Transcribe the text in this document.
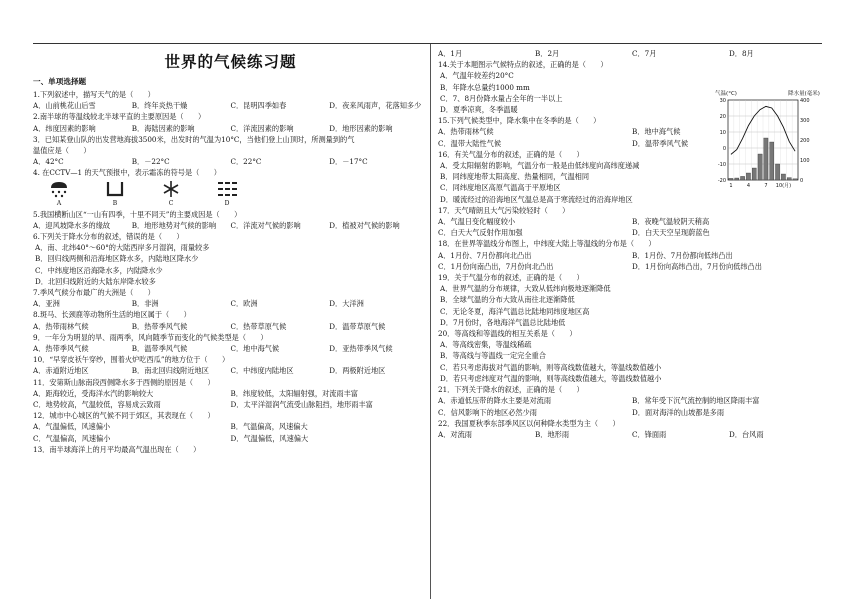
世界的气候练习题
一、单项选择题
1.下列叙述中，描写天气的是（　　）
A．山前桃花山后雪	B．终年炎热干燥	C．昆明四季如春	D．夜来风雨声，花落知多少
2.南半球的等温线较北半球平直的主要原因是（　　）
A．纬度因素的影响	B．海陆因素的影响	C．洋流因素的影响	D．地形因素的影响
3．已知某登山队的出发营地海拔3500米，出发时的气温为10°C，当他们登上山顶时，所测量到的气
温值应是（　　）
A．42°C	B．－22°C	C．22°C	D．－17°C
4. 在CCTV—1 的天气预报中，表示霜冻的符号是（　　）
A	B	C	D
5.我国横断山区“一山有四季，十里不同天”的主要成因是（　　）
A．迎风坡降水多的缘故	B．地形地势对气候的影响	C．洋流对气候的影响	D．植被对气候的影响
6.下列关于降水分布的叙述，错误的是（　　）
A．南、北纬40°～60°的大陆西岸多月湿润，雨量较多
B．回归线两侧和沿海地区降水多，内陆地区降水少
C．中纬度地区沿海降水多，内陆降水少
D．北回归线附近的大陆东岸降水较多
7.季风气候分布最广的大洲是（　　）
A．亚洲	B．非洲	C．欧洲	D．大洋洲
8.斑马、长颈鹿等动物所生活的地区属于（　　）
A．热带雨林气候	B．热带季风气候	C．热带草原气候	D．温带草原气候
9．一年分为明显的旱、雨两季，风向随季节而变化的气候类型是（　　）
A．热带季风气候	B．温带季风气候	C．地中海气候	D．亚热带季风气候
10．“早穿皮袄午穿纱，围着火炉吃西瓜”的地方位于（　　）
A．赤道附近地区	B．南北回归线附近地区	C．中纬度内陆地区	D．两极附近地区
11．安第斯山脉南段西侧降水多于西侧的原因是（　　）
A．距海较近，受海洋水汽的影响较大	B．纬度较低，太阳辐射强，对流雨丰富
C．地势较高，气温较低，容易成云致雨	D．太平洋湿润气流受山脉阻挡，地形雨丰富
12．城市中心城区的气候不同于郊区，其表现在（　　）
A．气温偏低，风速偏小	B．气温偏高，风速偏大
C．气温偏高，风速偏小	D．气温偏低，风速偏大
13．南半球海洋上的月平均最高气温出现在（　　）
A．1月	B．2月	C．7月	D．8月
14.关于本题图示气候特点的叙述，正确的是（　　）
A．气温年较差约20°C
B．年降水总量约1000 mm
C．7、8月份降水量占全年的一半以上
D．夏季凉爽，冬季温暖
15.下列气候类型中，降水集中在冬季的是（　　）
A．热带雨林气候	B．地中海气候
C．温带大陆性气候	D．温带季风气候
16．有关气温分布的叙述，正确的是（　　）
A．受太阳辐射的影响，气温分布一般是由低纬度向高纬度递减
B．同纬度地带太阳高度、热量相同，气温相同
C．同纬度地区高原气温高于平原地区
D．暖流经过的沿海地区气温总是高于寒流经过的沿海岸地区
17．天气晴朗且大气污染较轻时（　　）
A．气温日变化幅度较小	B．夜晚气温较阴天稍高
C．白天大气反射作用加强	D．白天天空呈现蔚蓝色
18．在世界等温线分布图上，中纬度大陆上等温线的分布是（　　）
A．1月份、7月份都向北凸出	B．1月份、7月份都向低纬凸出
C．1月份向南凸出，7月份向北凸出	D．1月份向高纬凸出，7月份向低纬凸出
19．关于气温分布的叙述，正确的是（　　）
A．世界气温的分布规律，大致从低纬向极地逐渐降低
B．全球气温的分布大致从南往北逐渐降低
C．无论冬夏，海洋气温总比陆地同纬度地区高
D．7月份时，各地海洋气温总比陆地低
20．等高线和等温线的相互关系是（　　）
A．等高线密集，等温线稀疏
B．等高线与等温线一定完全重合
C．若只考虑海拔对气温的影响，则等高线数值越大，等温线数值越小
D．若只考虑纬度对气温的影响，则等高线数值越大，等温线数值越小
21．下列关于降水的叙述，正确的是（　　）
A．赤道低压带的降水主要是对流雨	B．常年受下沉气流控制的地区降雨丰富
C．信风影响下的地区必然少雨	D．面对海洋的山坡都是多雨
22．我国夏秋季东部季风区以何种降水类型为主（　　）
A．对流雨	B．地形雨	C．锋面雨	D．台风雨
气温(°C)	降水量(毫米)
30
20
10
0
-10
-20
400
300
200
100
0
1	4	7 10(月)
